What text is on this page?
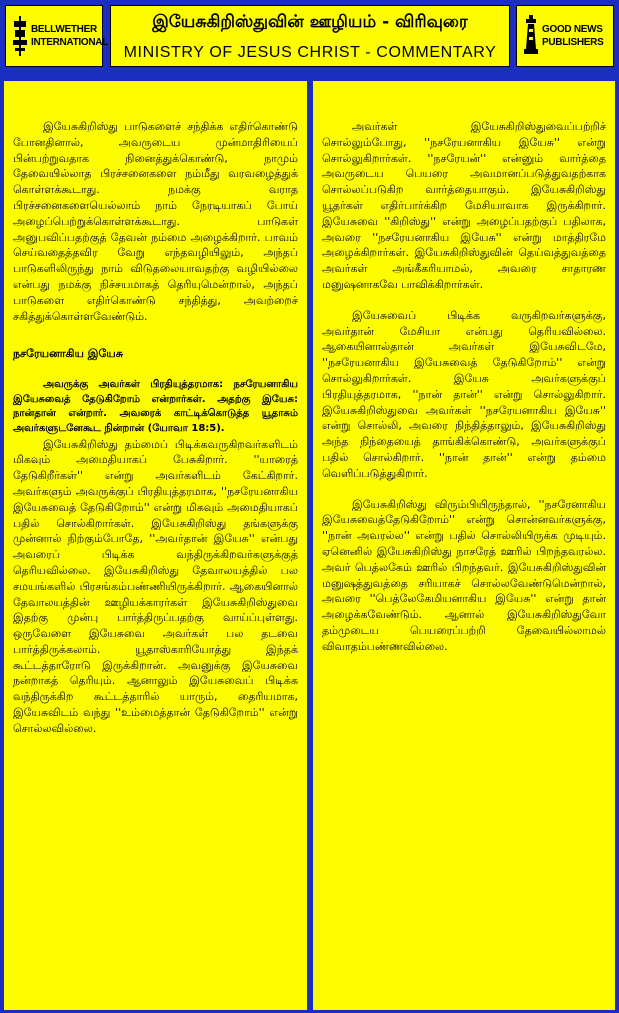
BELLWETHER
INTERNATIONAL
இயேசுகிறிஸ்துவின் ஊழியம் - விரிவுரை
MINISTRY OF JESUS CHRIST - COMMENTARY
GOOD NEWS
PUBLISHERS

இயேசுகிறிஸ்து பாடுகளைச் சந்திக்க எதிர்கொண்டு போனதினால், அவருடைய முன்மாதிரியைப் பின்பற்றுவதாக நினைத்துக்கொண்டு, நாமும் தேவையில்லாத பிரச்சனைகளை நம்மீது வரவழைத்துக் கொள்ளக்கூடாது. நமக்கு வராத பிரச்சனைகளையெல்லாம் நாம் நேரடியாகப் போய் அழைப்பெற்றுக்கொள்ளக்கூடாது. பாடுகள் அனுபவிப்பதற்குத் தேவன் நம்மை அழைக்கிறார். பாவம் செய்வதைத்தவிர வேறு எந்தவழியிலும், அந்தப் பாடுகளிலிருந்து நாம் விடுதலையாவதற்கு வழியில்லை என்பது நமக்கு நிச்சயமாகத் தெரியுமென்றால், அந்தப் பாடுகளை எதிர்கொண்டு சந்தித்து, அவற்றைச் சகித்துக்கொள்ளவேண்டும்.

நசரேயனாகிய இயேசு

அவருக்கு அவர்கள் பிரதியுத்தரமாக: நசரேயனாகிய இயேசுவைத் தேடுகிறோம் என்றார்கள். அதற்கு இயேசு: நான்தான் என்றார். அவரைக் காட்டிக்கொடுத்த யூதாசும் அவர்களுடனேகூட நின்றான் (யோவா 18:5).

இயேசுகிறிஸ்து தம்மைப் பிடிக்கவருகிறவர்களிடம் மிகவும் அமைதியாகப் பேசுகிறார். ''யாரைத் தேடுகிறீர்கள்'' என்று அவர்களிடம் கேட்கிறார். அவர்களும் அவருக்குப் பிரதியுத்தரமாக, ''நசரேயனாகிய இயேசுவைத் தேடுகிறோம்'' என்று மிகவும் அமைதியாகப் பதில் சொல்கிறார்கள். இயேசுகிறிஸ்து தங்களுக்கு முன்னால் நிற்கும்போதே, ''அவர்தான் இயேசு'' என்பது அவரைப் பிடிக்க வந்திருக்கிறவர்களுக்குத் தெரியவில்லை. இயேசுகிறிஸ்து தேவாலயத்தில் பல சமயங்களில் பிரசங்கம்பண்ணியிருக்கிறார். ஆகையினால் தேவாலயத்தின் ஊழியக்காரர்கள் இயேசுகிறிஸ்துவை இதற்கு முன்பு பார்த்திருப்பதற்கு வாய்ப்புள்ளது. ஒருவேளை இயேசுவை அவர்கள் பல தடவை பார்த்திருக்கலாம். யூதாஸ்காரியோத்து இந்தக் கூட்டத்தாரோடு இருக்கிறான். அவனுக்கு இயேசுவை நன்றாகத் தெரியும். ஆனாலும் இயேசுவைப் பிடிக்க வந்திருக்கிற கூட்டத்தாரில் யாரும், தைரியமாக, இயேசுவிடம் வந்து ''உம்மைத்தான் தேடுகிறோம்'' என்று சொல்லவில்லை.

அவர்கள் இயேசுகிறிஸ்துவைப்பற்றிச் சொல்லும்போது, ''நசரேயனாகிய இயேசு'' என்று சொல்லுகிறார்கள். ''நசரேயன்'' என்னும் வார்த்தை அவருடைய பெயரை அவமானப்படுத்துவதற்காக சொல்லப்படுகிற வார்த்தையாகும். இயேசுகிறிஸ்து யூதர்கள் எதிர்பார்க்கிற மேசியாவாக இருக்கிறார். இயேசுவை ''கிறிஸ்து'' என்று அழைப்பதற்குப் பதிலாக, அவரை ''நசரேயனாகிய இயேசு'' என்று மாத்திரமே அழைக்கிறார்கள். இயேசுகிறிஸ்துவின் தெய்வத்துவத்தை அவர்கள் அங்கீகரியாமல், அவரை சாதாரண மனுஷனாகவே பாவிக்கிறார்கள்.

இயேசுவைப் பிடிக்க வருகிறவர்களுக்கு, அவர்தான் மேசியா என்பது தெரியவில்லை. ஆகையினால்தான் அவர்கள் இயேசுவிடமே, ''நசரேயனாகிய இயேசுவைத் தேடுகிறோம்'' என்று சொல்லுகிறார்கள். இயேசு அவர்களுக்குப் பிரதியுத்தரமாக, ''நான் தான்'' என்று சொல்லுகிறார். இயேசுகிறிஸ்துவை அவர்கள் ''நசரேயனாகிய இயேசு'' என்று சொல்லி, அவரை நிந்தித்தாலும், இயேசுகிறிஸ்து அந்த நிந்தையைத் தாங்கிக்கொண்டு, அவர்களுக்குப் பதில் சொல்கிறார். ''நான் தான்'' என்று தம்மை வெளிப்படுத்துகிறார்.

இயேசுகிறிஸ்து விரும்பியிருந்தால், ''நசரேனாகிய இயேசுவைத்தேடுகிறோம்'' என்று சொன்னவர்களுக்கு, ''நான் அவரல்ல'' என்று பதில் சொல்லியிருக்க முடியும். ஏனெனில் இயேசுகிறிஸ்து நாசரேத் ஊரில் பிறந்தவரல்ல. அவர் பெத்லகேம் ஊரில் பிறந்தவர். இயேசுகிறிஸ்துவின் மனுஷத்துவத்தை சரியாகச் சொல்லவேண்டுமென்றால், அவரை ''பெத்லேகேமியனாகிய இயேசு'' என்று தான் அழைக்கவேண்டும். ஆனால் இயேசுகிறிஸ்துவோ தம்முடைய பெயரைப்பற்றி தேவையில்லாமல் விவாதம்பண்ணவில்லை.
